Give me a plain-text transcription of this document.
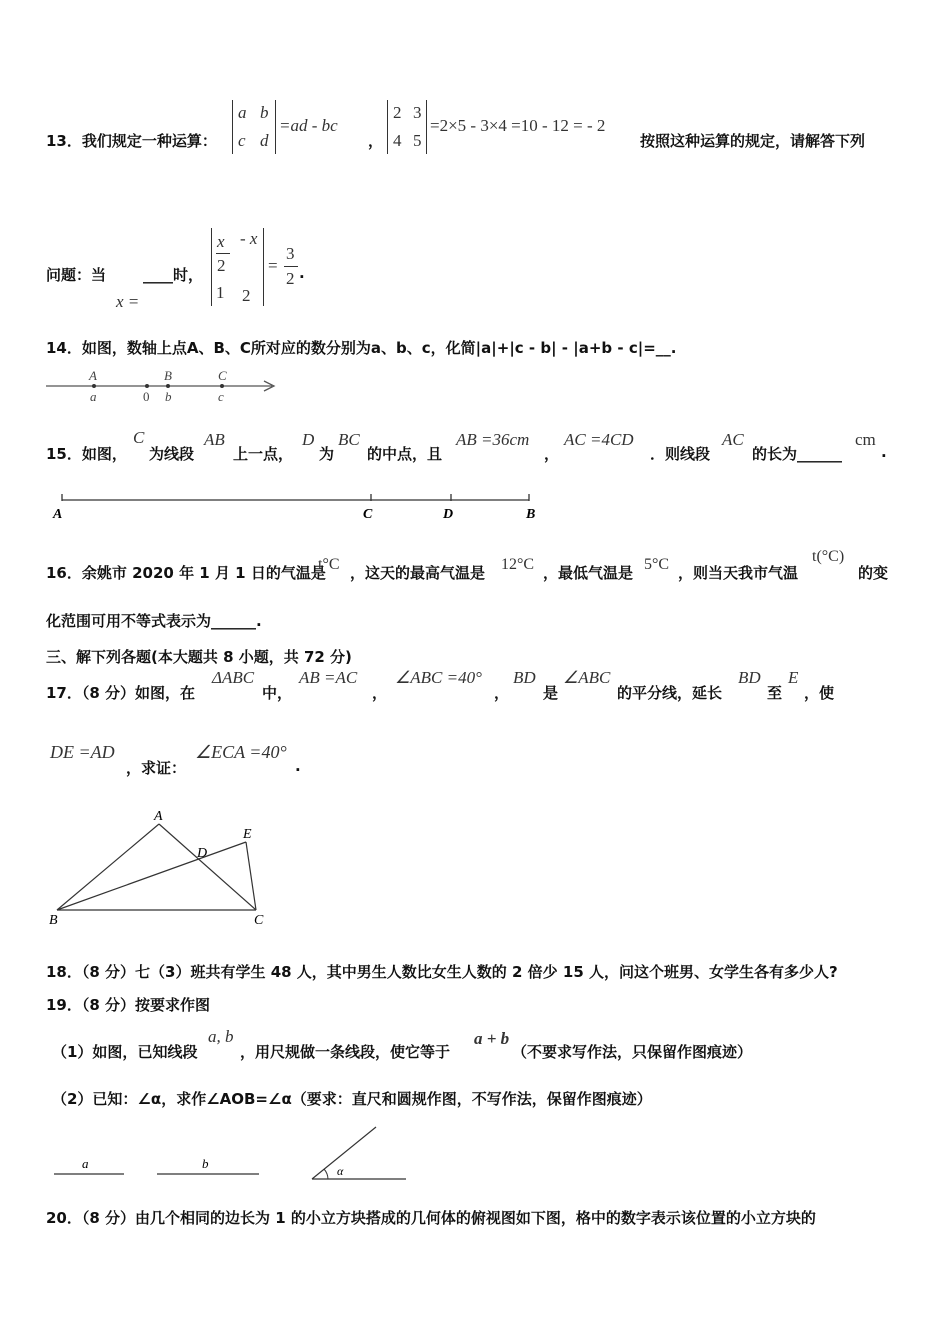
13．我们规定一种运算：
a b
c d
=ad - bc
，
2 3
4 5
=2×5 - 3×4 =10 - 12 = - 2
按照这种运算的规定，请解答下列
问题：当
x =
____时，
x - x
2
1 2
=
3
2 .
14．如图，数轴上点A、B、C所对应的数分别为a、b、c，化简|a|+|c - b| - |a+b - c|=__.
A	B	C
a	0 b	c
15．如图，
C
为线段
AB
上一点，
D
为
BC
的中点，且
AB =36cm
，
AC =4CD
．则线段
AC
的长为______
cm
.
A	C	D	B
16．余姚市 2020 年 1 月 1 日的气温是
t°C ，这天的最高气温是 12°C ，最低气温是 5°C ，则当天我市气温
t(°C)
的变
化范围可用不等式表示为______.
三、解下列各题(本大题共 8 小题，共 72 分)
17．（8 分）如图，在
ΔABC
中，
AB =AC
，
∠ABC =40°
，
BD
是
∠ABC
的平分线，延长
BD
至
E
，使
DE =AD
，求证：
∠ECA =40°
.
A
D
E
B	C
18．（8 分）七（3）班共有学生 48 人，其中男生人数比女生人数的 2 倍少 15 人，问这个班男、女学生各有多少人?
19．（8 分）按要求作图
（1）如图，已知线段
a, b
，用尺规做一条线段，使它等于
a + b
（不要求写作法，只保留作图痕迹）
（2）已知：∠α，求作∠AOB=∠α（要求：直尺和圆规作图，不写作法，保留作图痕迹）
a	b	α
20．（8 分）由几个相同的边长为 1 的小立方块搭成的几何体的俯视图如下图，格中的数字表示该位置的小立方块的
